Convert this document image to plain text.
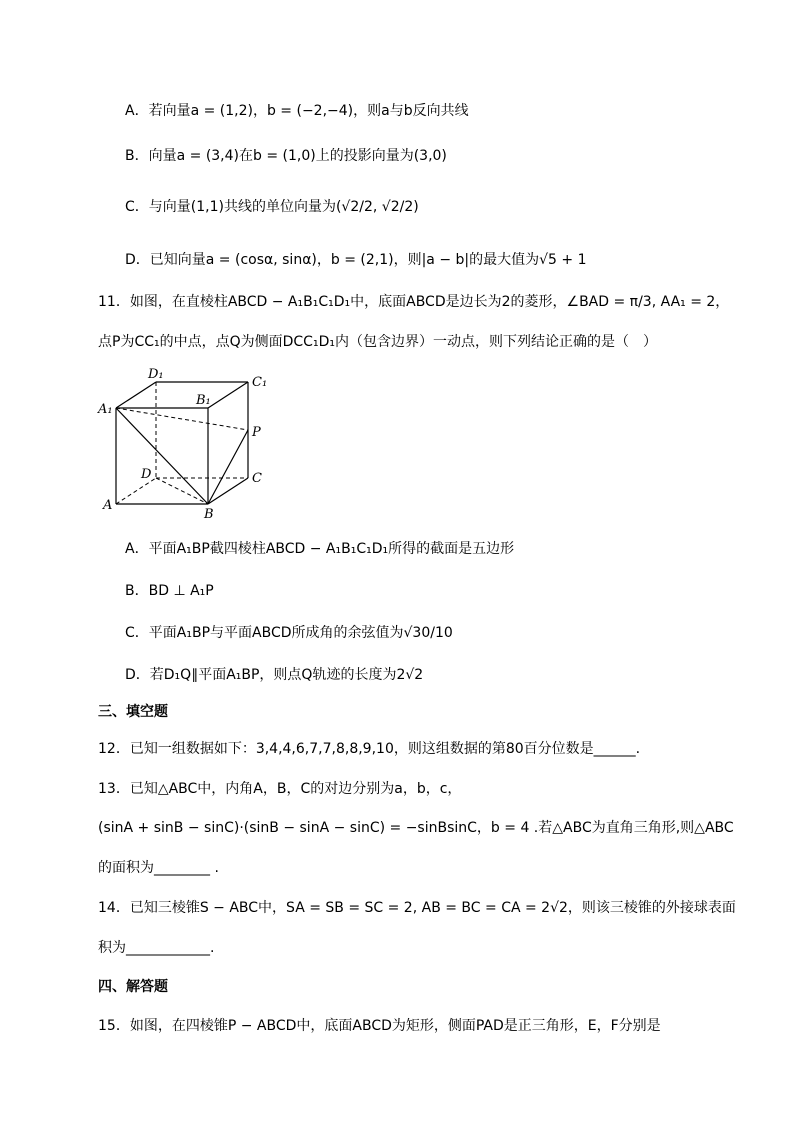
A．若向量a = (1,2)，b = (−2,−4)，则a与b反向共线
B．向量a = (3,4)在b = (1,0)上的投影向量为(3,0)
C．与向量(1,1)共线的单位向量为(√2/2, √2/2)
D．已知向量a = (cosα, sinα)，b = (2,1)，则|a − b|的最大值为√5 + 1
11．如图，在直棱柱ABCD − A₁B₁C₁D₁中，底面ABCD是边长为2的菱形，∠BAD = π/3, AA₁ = 2，
点P为CC₁的中点，点Q为侧面DCC₁D₁内（包含边界）一动点，则下列结论正确的是（　）
D₁
C₁
B₁
A₁
P
D	C
A
B
A．平面A₁BP截四棱柱ABCD − A₁B₁C₁D₁所得的截面是五边形
B．BD ⊥ A₁P
C．平面A₁BP与平面ABCD所成角的余弦值为√30/10
D．若D₁Q∥平面A₁BP，则点Q轨迹的长度为2√2
三、填空题
12．已知一组数据如下：3,4,4,6,7,7,8,8,9,10，则这组数据的第80百分位数是______.
13．已知△ABC中，内角A，B，C的对边分别为a，b，c，
(sinA + sinB − sinC)·(sinB − sinA − sinC) = −sinBsinC，b = 4 .若△ABC为直角三角形,则△ABC
的面积为________ .
14．已知三棱锥S − ABC中，SA = SB = SC = 2, AB = BC = CA = 2√2，则该三棱锥的外接球表面
积为____________.
四、解答题
15．如图，在四棱锥P − ABCD中，底面ABCD为矩形，侧面PAD是正三角形，E，F分别是
